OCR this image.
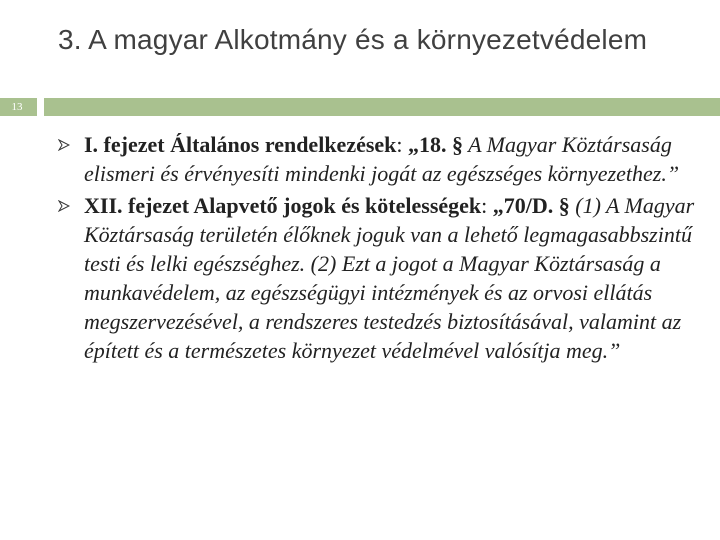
3. A magyar Alkotmány és a környezetvédelem
13
I. fejezet Általános rendelkezések: „18. § A Magyar Köztársaság elismeri és érvényesíti mindenki jogát az egészséges környezethez.”
XII. fejezet Alapvető jogok és kötelességek: „70/D. § (1) A Magyar Köztársaság területén élőknek joguk van a lehető legmagasabbszintű testi és lelki egészséghez. (2) Ezt a jogot a Magyar Köztársaság a munkavédelem, az egészségügyi intézmények és az orvosi ellátás megszervezésével, a rendszeres testedzés biztosításával, valamint az épített és a természetes környezet védelmével valósítja meg.”
